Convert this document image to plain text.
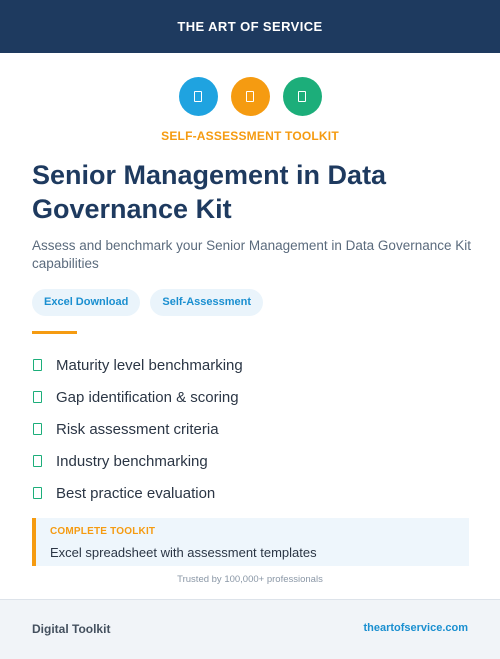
THE ART OF SERVICE
SELF-ASSESSMENT TOOLKIT
Senior Management in Data Governance Kit
Assess and benchmark your Senior Management in Data Governance Kit capabilities
Excel Download	Self-Assessment
Maturity level benchmarking
Gap identification & scoring
Risk assessment criteria
Industry benchmarking
Best practice evaluation
COMPLETE TOOLKIT
Excel spreadsheet with assessment templates
Trusted by 100,000+ professionals
Digital Toolkit	theartofservice.com
